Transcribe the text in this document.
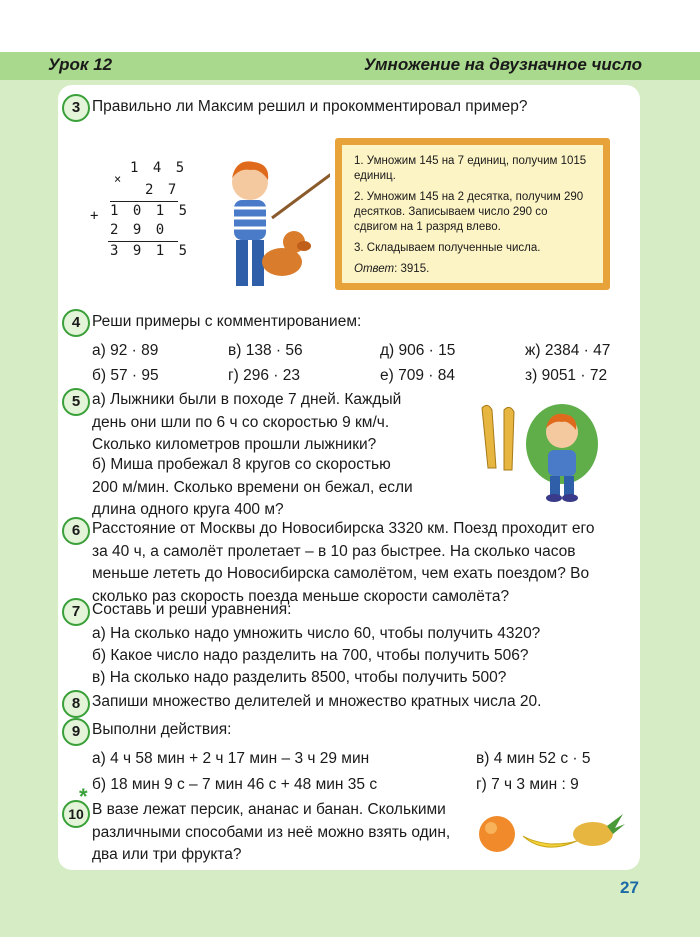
Урок 12	Умножение на двузначное число
3 Правильно ли Максим решил и прокомментировал пример?
1 4 5
×
2 7
+ 1 0 1 5
2 9 0
3 9 1 5

1. Умножим 145 на 7 единиц, получим 1015 единиц.

2. Умножим 145 на 2 десятка, получим 290 десятков. Записываем число 290 со сдвигом на 1 разряд влево.

3. Складываем полученные числа.

Ответ: 3915.

4 Реши примеры с комментированием:
а) 92 · 89	в) 138 · 56	д) 906 · 15	ж) 2384 · 47
б) 57 · 95	г) 296 · 23	е) 709 · 84	з) 9051 · 72
5 а) Лыжники были в походе 7 дней. Каждый
день они шли по 6 ч со скоростью 9 км/ч.
Сколько километров прошли лыжники?
б) Миша пробежал 8 кругов со скоростью
200 м/мин. Сколько времени он бежал, если
длина одного круга 400 м?
6 Расстояние от Москвы до Новосибирска 3320 км. Поезд проходит его
за 40 ч, а самолёт пролетает – в 10 раз быстрее. На сколько часов
меньше лететь до Новосибирска самолётом, чем ехать поездом? Во
сколько раз скорость поезда меньше скорости самолёта?
7 Составь и реши уравнения:
а) На сколько надо умножить число 60, чтобы получить 4320?
б) Какое число надо разделить на 700, чтобы получить 506?
в) На сколько надо разделить 8500, чтобы получить 500?
8 Запиши множество делителей и множество кратных числа 20.
9 Выполни действия:
а) 4 ч 58 мин + 2 ч 17 мин – 3 ч 29 мин	в) 4 мин 52 с · 5
б) 18 мин 9 с – 7 мин 46 с + 48 мин 35 с	г) 7 ч 3 мин : 9
10
*
В вазе лежат персик, ананас и банан. Сколькими
различными способами из неё можно взять один,
два или три фрукта?
27
